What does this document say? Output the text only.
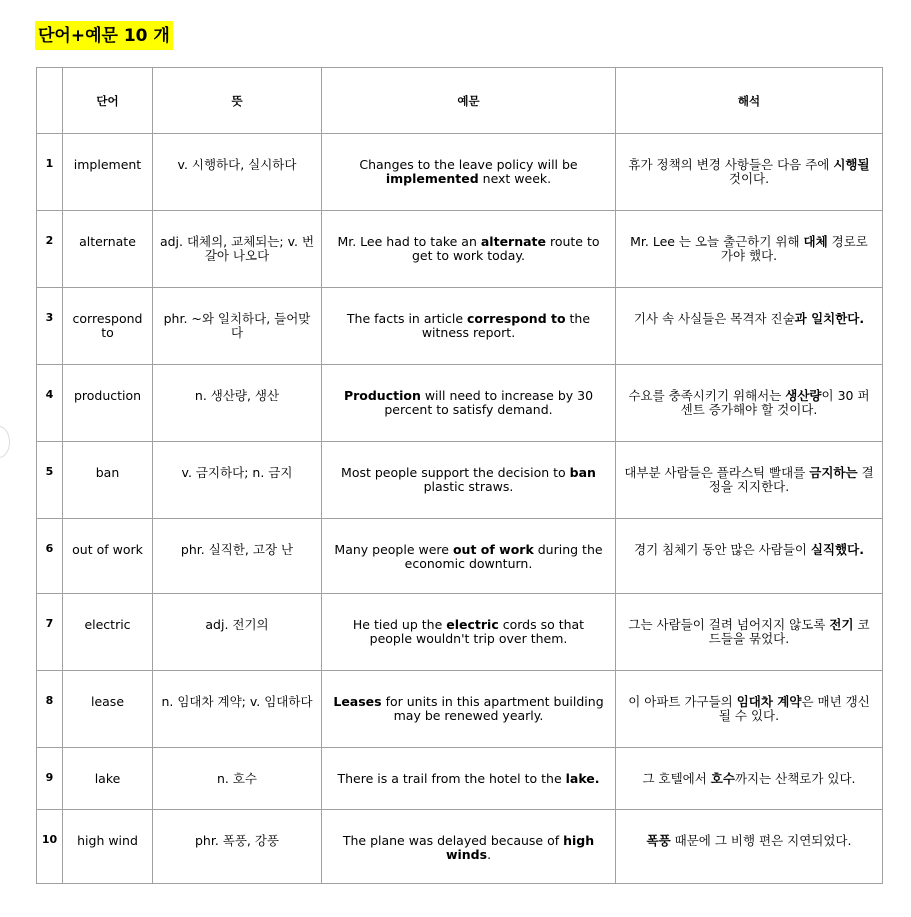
단어+예문 10 개
	단어	뜻	예문	해석
1	implement	v. 시행하다, 실시하다	Changes to the leave policy will be implemented next week.	휴가 정책의 변경 사항들은 다음 주에 시행될 것이다.
2	alternate	adj. 대체의, 교체되는; v. 번갈아 나오다	Mr. Lee had to take an alternate route to get to work today.	Mr. Lee 는 오늘 출근하기 위해 대체 경로로 가야 했다.
3	correspond to	phr. ~와 일치하다, 들어맞다	The facts in article correspond to the witness report.	기사 속 사실들은 목격자 진술과 일치한다.
4	production	n. 생산량, 생산	Production will need to increase by 30 percent to satisfy demand.	수요를 충족시키기 위해서는 생산량이 30 퍼센트 증가해야 할 것이다.
5	ban	v. 금지하다; n. 금지	Most people support the decision to ban plastic straws.	대부분 사람들은 플라스틱 빨대를 금지하는 결정을 지지한다.
6	out of work	phr. 실직한, 고장 난	Many people were out of work during the economic downturn.	경기 침체기 동안 많은 사람들이 실직했다.
7	electric	adj. 전기의	He tied up the electric cords so that people wouldn't trip over them.	그는 사람들이 걸려 넘어지지 않도록 전기 코드들을 묶었다.
8	lease	n. 임대차 계약; v. 임대하다	Leases for units in this apartment building may be renewed yearly.	이 아파트 가구들의 임대차 계약은 매년 갱신될 수 있다.
9	lake	n. 호수	There is a trail from the hotel to the lake.	그 호텔에서 호수까지는 산책로가 있다.
10	high wind	phr. 폭풍, 강풍	The plane was delayed because of high winds.	폭풍 때문에 그 비행 편은 지연되었다.
